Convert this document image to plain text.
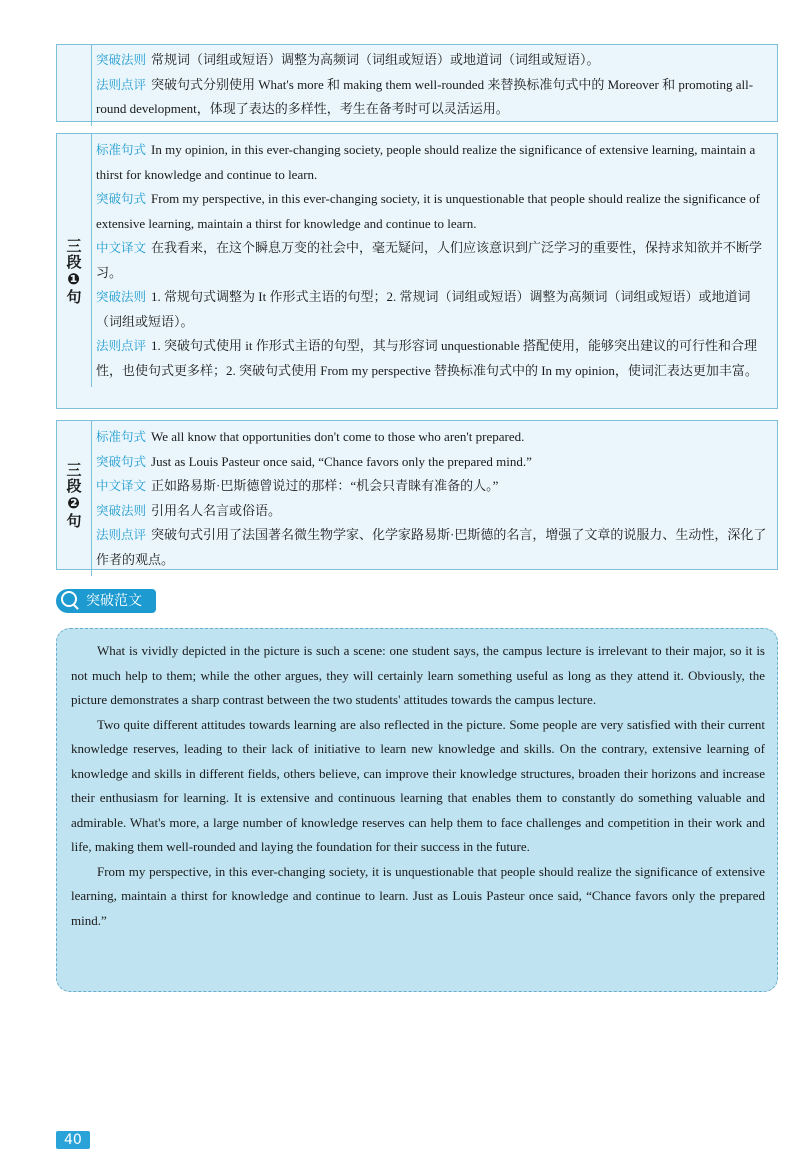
突破法则 常规词（词组或短语）调整为高频词（词组或短语）或地道词（词组或短语）。

法则点评 突破句式分别使用 What's more 和 making them well-rounded 来替换标准句式中的 Moreover 和 promoting all-round development，体现了表达的多样性，考生在备考时可以灵活运用。

三段❶句

标准句式 In my opinion, in this ever-changing society, people should realize the significance of extensive learning, maintain a thirst for knowledge and continue to learn.

突破句式 From my perspective, in this ever-changing society, it is unquestionable that people should realize the significance of extensive learning, maintain a thirst for knowledge and continue to learn.

中文译文 在我看来，在这个瞬息万变的社会中，毫无疑问，人们应该意识到广泛学习的重要性，保持求知欲并不断学习。

突破法则 1. 常规句式调整为 It 作形式主语的句型；2. 常规词（词组或短语）调整为高频词（词组或短语）或地道词（词组或短语）。

法则点评 1. 突破句式使用 it 作形式主语的句型，其与形容词 unquestionable 搭配使用，能够突出建议的可行性和合理性，也使句式更多样；2. 突破句式使用 From my perspective 替换标准句式中的 In my opinion，使词汇表达更加丰富。

三段❷句

标准句式 We all know that opportunities don't come to those who aren't prepared.

突破句式 Just as Louis Pasteur once said, “Chance favors only the prepared mind.”

中文译文 正如路易斯·巴斯德曾说过的那样：“机会只青睐有准备的人。”

突破法则 引用名人名言或俗语。

法则点评 突破句式引用了法国著名微生物学家、化学家路易斯·巴斯德的名言，增强了文章的说服力、生动性，深化了作者的观点。

突破范文

What is vividly depicted in the picture is such a scene: one student says, the campus lecture is irrelevant to their major, so it is not much help to them; while the other argues, they will certainly learn something useful as long as they attend it. Obviously, the picture demonstrates a sharp contrast between the two students' attitudes towards the campus lecture.

Two quite different attitudes towards learning are also reflected in the picture. Some people are very satisfied with their current knowledge reserves, leading to their lack of initiative to learn new knowledge and skills. On the contrary, extensive learning of knowledge and skills in different fields, others believe, can improve their knowledge structures, broaden their horizons and increase their enthusiasm for learning. It is extensive and continuous learning that enables them to constantly do something valuable and admirable. What's more, a large number of knowledge reserves can help them to face challenges and competition in their work and life, making them well-rounded and laying the foundation for their success in the future.

From my perspective, in this ever-changing society, it is unquestionable that people should realize the significance of extensive learning, maintain a thirst for knowledge and continue to learn. Just as Louis Pasteur once said, “Chance favors only the prepared mind.”

40
